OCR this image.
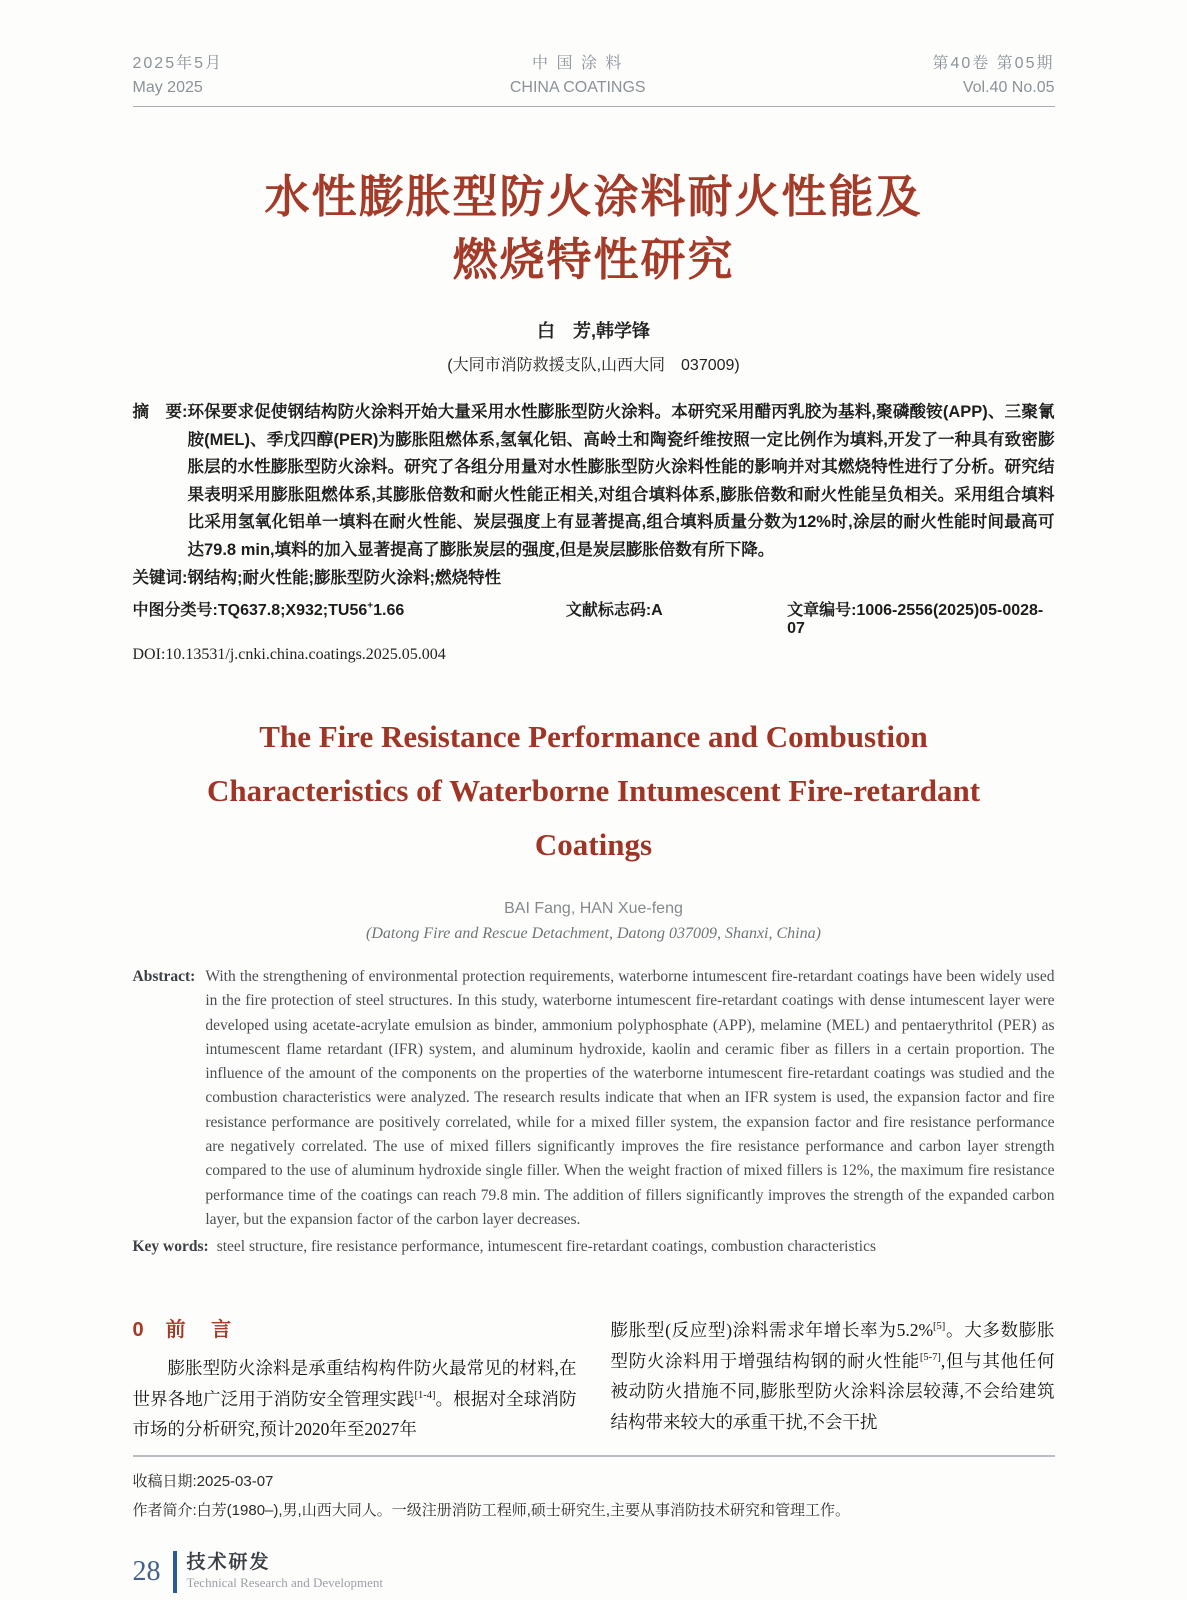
2025年5月
May 2025
中 国 涂 料
CHINA COATINGS
第40卷 第05期
Vol.40 No.05
水性膨胀型防火涂料耐火性能及
燃烧特性研究
白　芳,韩学锋
(大同市消防救援支队,山西大同　037009)
摘　要: 环保要求促使钢结构防火涂料开始大量采用水性膨胀型防火涂料。本研究采用醋丙乳胶为基料,聚磷酸铵(APP)、三聚氰胺(MEL)、季戊四醇(PER)为膨胀阻燃体系,氢氧化铝、高岭土和陶瓷纤维按照一定比例作为填料,开发了一种具有致密膨胀层的水性膨胀型防火涂料。研究了各组分用量对水性膨胀型防火涂料性能的影响并对其燃烧特性进行了分析。研究结果表明采用膨胀阻燃体系,其膨胀倍数和耐火性能正相关,对组合填料体系,膨胀倍数和耐火性能呈负相关。采用组合填料比采用氢氧化铝单一填料在耐火性能、炭层强度上有显著提高,组合填料质量分数为12%时,涂层的耐火性能时间最高可达79.8 min,填料的加入显著提高了膨胀炭层的强度,但是炭层膨胀倍数有所下降。
关键词:钢结构;耐火性能;膨胀型防火涂料;燃烧特性
中图分类号:TQ637.8;X932;TU56+1.66	文献标志码:A	文章编号:1006-2556(2025)05-0028-07
DOI:10.13531/j.cnki.china.coatings.2025.05.004
The Fire Resistance Performance and Combustion
Characteristics of Waterborne Intumescent Fire-retardant
Coatings
BAI Fang, HAN Xue-feng
(Datong Fire and Rescue Detachment, Datong 037009, Shanxi, China)
Abstract: With the strengthening of environmental protection requirements, waterborne intumescent fire-retardant coatings have been widely used in the fire protection of steel structures. In this study, waterborne intumescent fire-retardant coatings with dense intumescent layer were developed using acetate-acrylate emulsion as binder, ammonium polyphosphate (APP), melamine (MEL) and pentaerythritol (PER) as intumescent flame retardant (IFR) system, and aluminum hydroxide, kaolin and ceramic fiber as fillers in a certain proportion. The influence of the amount of the components on the properties of the waterborne intumescent fire-retardant coatings was studied and the combustion characteristics were analyzed. The research results indicate that when an IFR system is used, the expansion factor and fire resistance performance are positively correlated, while for a mixed filler system, the expansion factor and fire resistance performance are negatively correlated. The use of mixed fillers significantly improves the fire resistance performance and carbon layer strength compared to the use of aluminum hydroxide single filler. When the weight fraction of mixed fillers is 12%, the maximum fire resistance performance time of the coatings can reach 79.8 min. The addition of fillers significantly improves the strength of the expanded carbon layer, but the expansion factor of the carbon layer decreases.
Key words: steel structure, fire resistance performance, intumescent fire-retardant coatings, combustion characteristics
0 前 言
膨胀型防火涂料是承重结构构件防火最常见的材料,在世界各地广泛用于消防安全管理实践[1-4]。根据对全球消防市场的分析研究,预计2020年至2027年
膨胀型(反应型)涂料需求年增长率为5.2%[5]。大多数膨胀型防火涂料用于增强结构钢的耐火性能[5-7],但与其他任何被动防火措施不同,膨胀型防火涂料涂层较薄,不会给建筑结构带来较大的承重干扰,不会干扰
收稿日期:2025-03-07
作者简介:白芳(1980–),男,山西大同人。一级注册消防工程师,硕士研究生,主要从事消防技术研究和管理工作。
28 技术研发
Technical Research and Development
